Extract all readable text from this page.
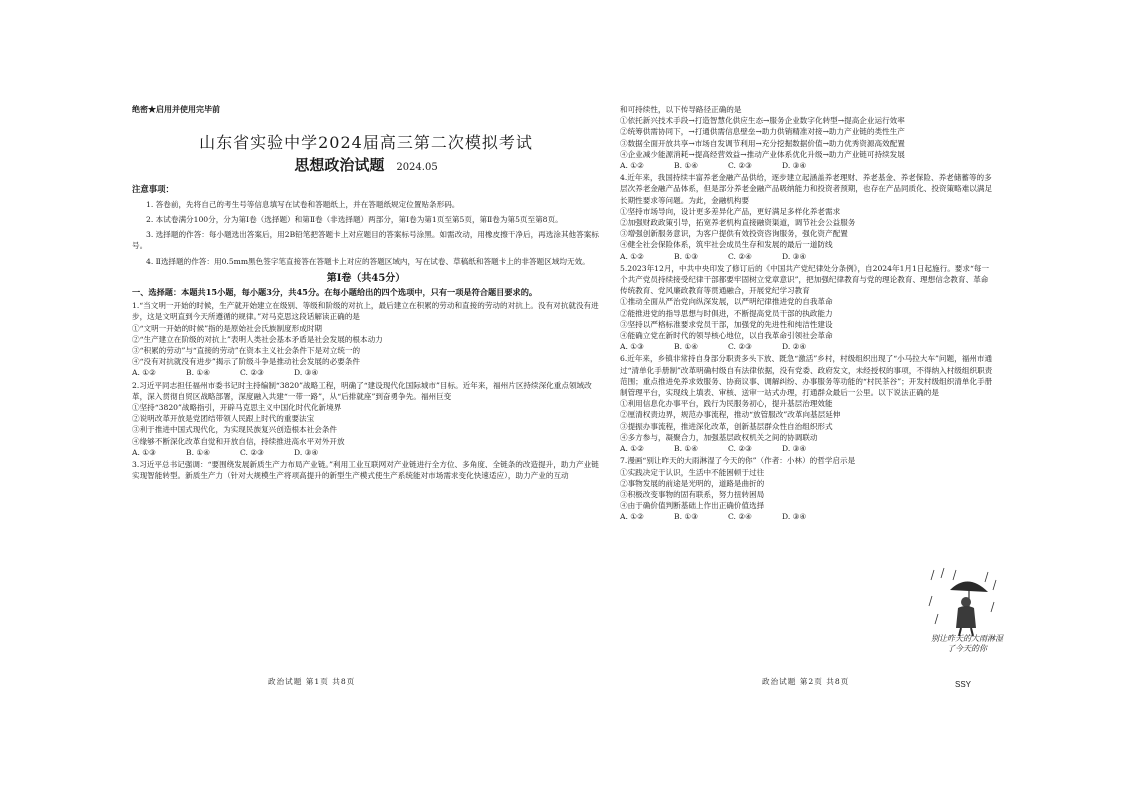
绝密★启用并使用完毕前
山东省实验中学2024届高三第二次模拟考试
思想政治试题 2024.05
注意事项：

1. 答卷前，先将自己的考生号等信息填写在试卷和答题纸上，并在答题纸规定位置贴条形码。

2. 本试卷满分100分，分为第Ⅰ卷（选择题）和第Ⅱ卷（非选择题）两部分，第Ⅰ卷为第1页至第5页，第Ⅱ卷为第5页至第8页。

3. 选择题的作答：每小题选出答案后，用2B铅笔把答题卡上对应题目的答案标号涂黑。如需改动，用橡皮擦干净后，再选涂其他答案标号。

4. Ⅱ选择题的作答：用0.5mm黑色签字笔直接答在答题卡上对应的答题区域内，写在试卷、草稿纸和答题卡上的非答题区域均无效。

第Ⅰ卷（共45分）
一、选择题：本题共15小题，每小题3分，共45分。在每小题给出的四个选项中，只有一项是符合题目要求的。

1.“当文明一开始的时候，生产就开始建立在级别、等级和阶级的对抗上，最后建立在积累的劳动和直接的劳动的对抗上。没有对抗就没有进步，这是文明直到今天所遵循的规律。”对马克思这段话解读正确的是

①“文明一开始的时候”指的是原始社会氏族制度形成时期

②“生产建立在阶级的对抗上”表明人类社会基本矛盾是社会发展的根本动力

③“积累的劳动”与“直接的劳动”在资本主义社会条件下是对立统一的

④“没有对抗就没有进步”揭示了阶级斗争是推动社会发展的必要条件

A. ①②	B. ①④	C. ②③	D. ③④

2.习近平同志担任福州市委书记时主持编制“3820”战略工程，明确了“建设现代化国际城市”目标。近年来，福州片区持续深化重点领域改革，深入贯彻自贸区战略部署，深度融入共建“一带一路”，从“后排就座”到奋勇争先。福州巨变

①坚持“3820”战略指引，开辟马克思主义中国化时代化新境界

②说明改革开放是党团结带领人民跟上时代的重要法宝

③利于推进中国式现代化，为实现民族复兴创造根本社会条件

④缘够不断深化改革自觉和开放自信，持续推进高水平对外开放

A. ①③	B. ①④	C. ②③	D. ③④

3.习近平总书记强调：“要围绕发展新质生产力布局产业链。”利用工业互联网对产业链进行全方位、多角度、全链条的改造提升，助力产业链实现智能转型。新质生产力（针对大规模生产将项高提升的新型生产模式使生产系统能对市场需求变化快速适应），助力产业的互动

政治试题 第1页 共8页

和可持续性，以下传导路径正确的是

①依托新兴技术手段→打造智慧化供应生态→服务企业数字化转型→提高企业运行效率

②统筹供需协同下，→打通供需信息壁垒→助力供销精准对接→助力产业链的类性生产

③数据全面开放共享→市场自发调节利用→充分挖掘数据价值→助力优秀资源高效配置

④企业减少能源消耗→提高经营效益→推动产业体系优化升级→助力产业链可持续发展

A. ①②	B. ①④	C. ②③	D. ③④

4.近年来，我国持续丰富养老金融产品供给，逐步建立起涵盖养老理财、养老基金、养老保险、养老储蓄等的多层次养老金融产品体系，但是部分养老金融产品吸纳能力和投资者预期，也存在产品同质化、投资策略难以满足长期性要求等问题。为此，金融机构要

①坚持市场导向，设计更多差异化产品，更好满足多样化养老需求

②加强财政政策引导，拓宽养老机构直接融资渠道，调节社会公益服务

③增强创新服务意识，为客户提供有效投资咨询服务，强化资产配置

④健全社会保险体系，筑牢社会成员生存和发展的最后一道防线

A. ①②	B. ①③	C. ②④	D. ③④

5.2023年12月，中共中央印发了修订后的《中国共产党纪律处分条例》，自2024年1月1日起施行。要求“每一个共产党员持续接受纪律干部都要牢固树立党章意识”，把加强纪律教育与党的理论教育、理想信念教育、革命传统教育、党风廉政教育等贯通融合，开展党纪学习教育

①推动全面从严治党向纵深发展，以严明纪律推进党的自我革命

②能推进党的指导思想与时俱进，不断提高党员干部的执政能力

③坚持以严格标准要求党员干部，加强党的先进性和纯洁性建设

④能确立党在新时代的领导核心地位，以自我革命引领社会革命

A. ①③	B. ①④	C. ②③	D. ②④

6.近年来，乡镇非常持自身部分职责多头下放、既急“激活”乡村，村级组织出现了“小马拉大车”问题，福州市通过“清单化手册制”改革明确村级自有法律依据，没有党委、政府发文，未经授权的事项，不得纳入村级组织职责范围；重点推进免养求效服务、协商议事、调解纠纷、办事服务等功能的“村民茶谷”；开发村级组织清单化手册制管理平台，实现线上填表、审核、送审一站式办理，打通群众最后一公里。以下说法正确的是

①利用信息化办事平台，践行为民服务初心，提升基层治理效能

②厘清权责边界，规范办事流程，推动“放管服改”改革向基层延伸

③提振办事流程，推进深化改革，创新基层群众性自治组织形式

④多方参与，凝聚合力，加强基层政权机关之间的协调联动

A. ①②	B. ①④	C. ②③	D. ③④

7.漫画“别让昨天的大雨淋湿了今天的你”（作者：小林）的哲学启示是

①实践决定于认识，生活中不能困顿于过往

②事物发展的前途是光明的，道路是曲折的

③积极改变事物的固有联系，努力扭转困局

④由于确价值判断基础上作出正确价值选择

A. ①②	B. ①③	C. ②④	D. ③④
别让昨天的大雨淋湿了今天的你
政治试题 第2页 共8页	SSY
